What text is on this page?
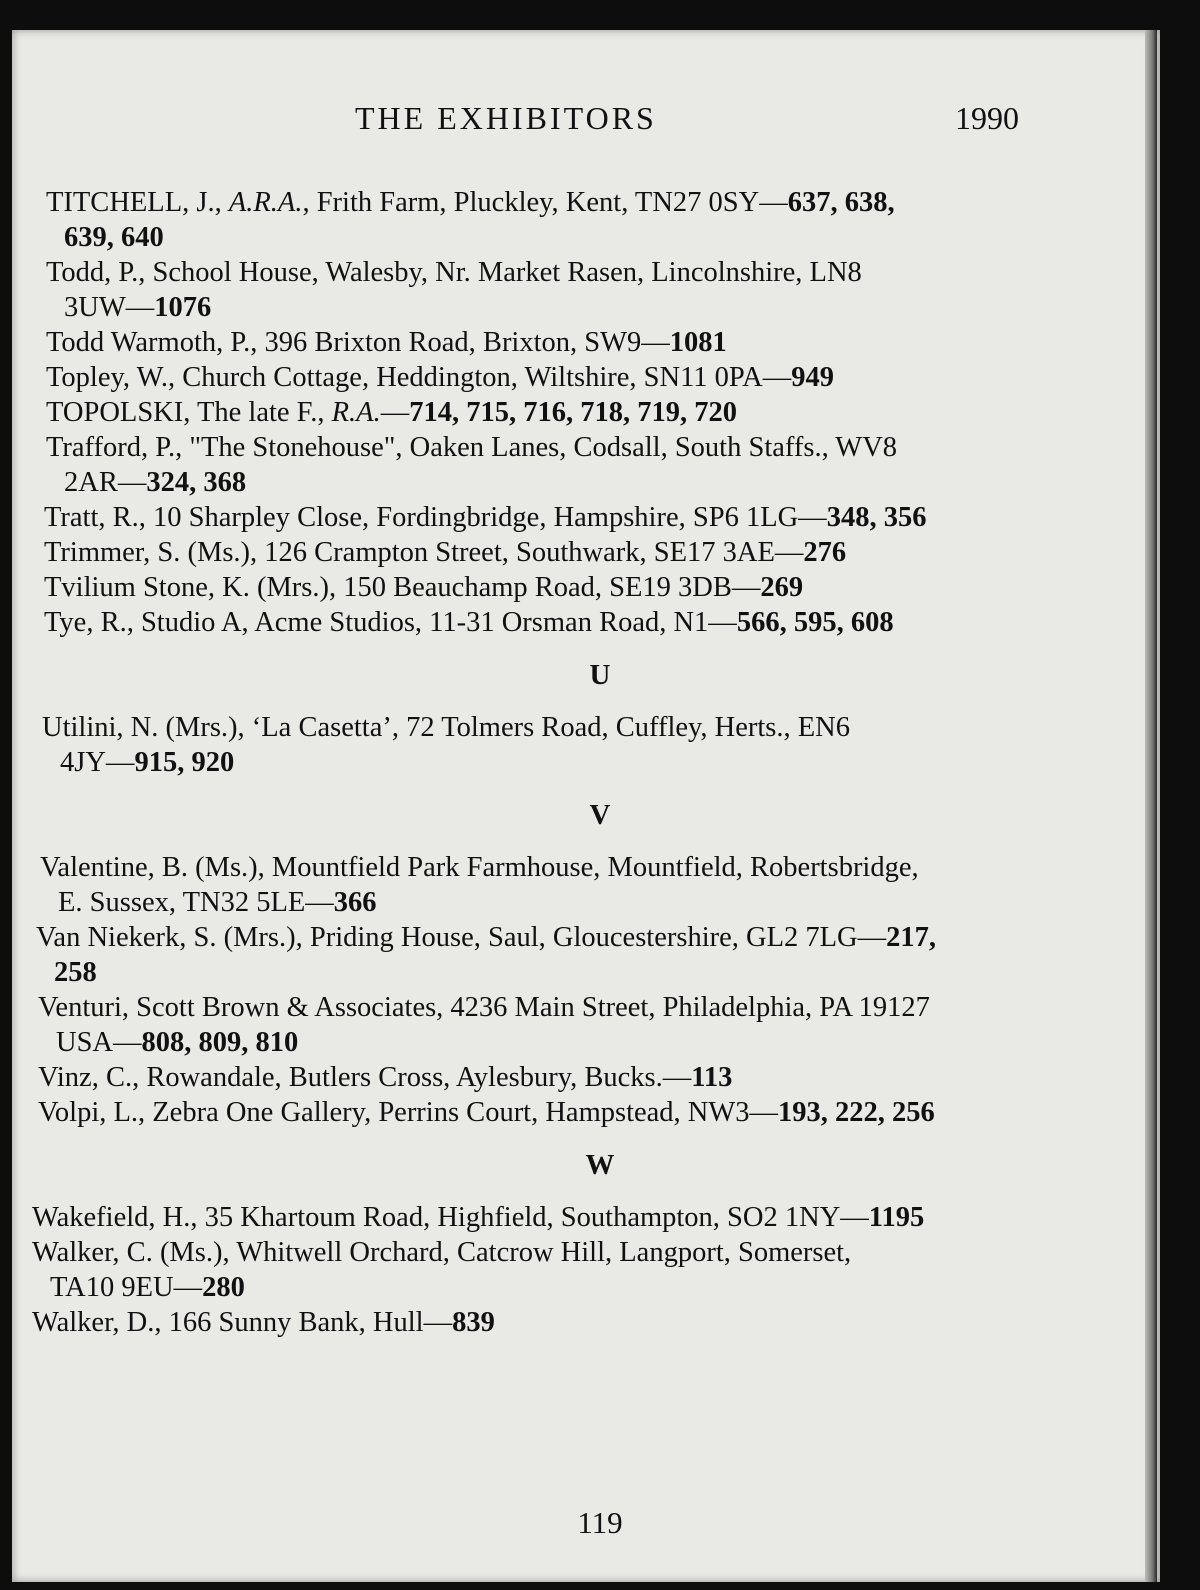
THE EXHIBITORS	1990
TITCHELL, J., A.R.A., Frith Farm, Pluckley, Kent, TN27 0SY—637, 638,
639, 640
Todd, P., School House, Walesby, Nr. Market Rasen, Lincolnshire, LN8
3UW—1076
Todd Warmoth, P., 396 Brixton Road, Brixton, SW9—1081
Topley, W., Church Cottage, Heddington, Wiltshire, SN11 0PA—949
TOPOLSKI, The late F., R.A.—714, 715, 716, 718, 719, 720
Trafford, P., "The Stonehouse", Oaken Lanes, Codsall, South Staffs., WV8
2AR—324, 368
Tratt, R., 10 Sharpley Close, Fordingbridge, Hampshire, SP6 1LG—348, 356
Trimmer, S. (Ms.), 126 Crampton Street, Southwark, SE17 3AE—276
Tvilium Stone, K. (Mrs.), 150 Beauchamp Road, SE19 3DB—269
Tye, R., Studio A, Acme Studios, 11-31 Orsman Road, N1—566, 595, 608
U
Utilini, N. (Mrs.), ‘La Casetta’, 72 Tolmers Road, Cuffley, Herts., EN6
4JY—915, 920
V
Valentine, B. (Ms.), Mountfield Park Farmhouse, Mountfield, Robertsbridge,
E. Sussex, TN32 5LE—366
Van Niekerk, S. (Mrs.), Priding House, Saul, Gloucestershire, GL2 7LG—217,
258
Venturi, Scott Brown & Associates, 4236 Main Street, Philadelphia, PA 19127
USA—808, 809, 810
Vinz, C., Rowandale, Butlers Cross, Aylesbury, Bucks.—113
Volpi, L., Zebra One Gallery, Perrins Court, Hampstead, NW3—193, 222, 256
W
Wakefield, H., 35 Khartoum Road, Highfield, Southampton, SO2 1NY—1195
Walker, C. (Ms.), Whitwell Orchard, Catcrow Hill, Langport, Somerset,
TA10 9EU—280
Walker, D., 166 Sunny Bank, Hull—839
119
